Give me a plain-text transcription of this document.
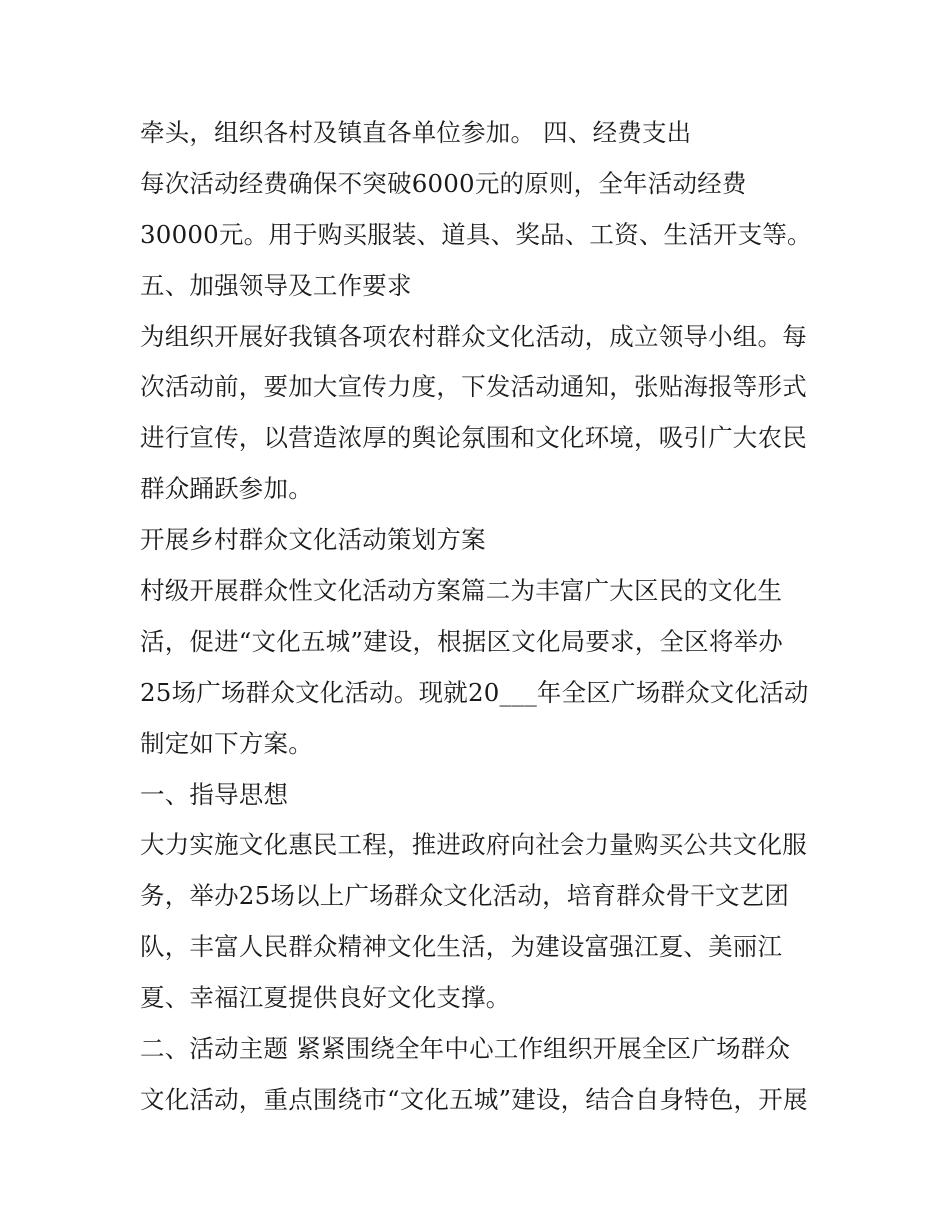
牵头，组织各村及镇直各单位参加。 四、经费支出
每次活动经费确保不突破6000元的原则，全年活动经费
30000元。用于购买服装、道具、奖品、工资、生活开支等。
五、加强领导及工作要求
为组织开展好我镇各项农村群众文化活动，成立领导小组。每
次活动前，要加大宣传力度，下发活动通知，张贴海报等形式
进行宣传，以营造浓厚的舆论氛围和文化环境，吸引广大农民
群众踊跃参加。
开展乡村群众文化活动策划方案
村级开展群众性文化活动方案篇二为丰富广大区民的文化生
活，促进“文化五城”建设，根据区文化局要求，全区将举办
25场广场群众文化活动。现就20___年全区广场群众文化活动
制定如下方案。
一、指导思想
大力实施文化惠民工程，推进政府向社会力量购买公共文化服
务，举办25场以上广场群众文化活动，培育群众骨干文艺团
队，丰富人民群众精神文化生活，为建设富强江夏、美丽江
夏、幸福江夏提供良好文化支撑。
二、活动主题 紧紧围绕全年中心工作组织开展全区广场群众
文化活动，重点围绕市“文化五城”建设，结合自身特色，开展
